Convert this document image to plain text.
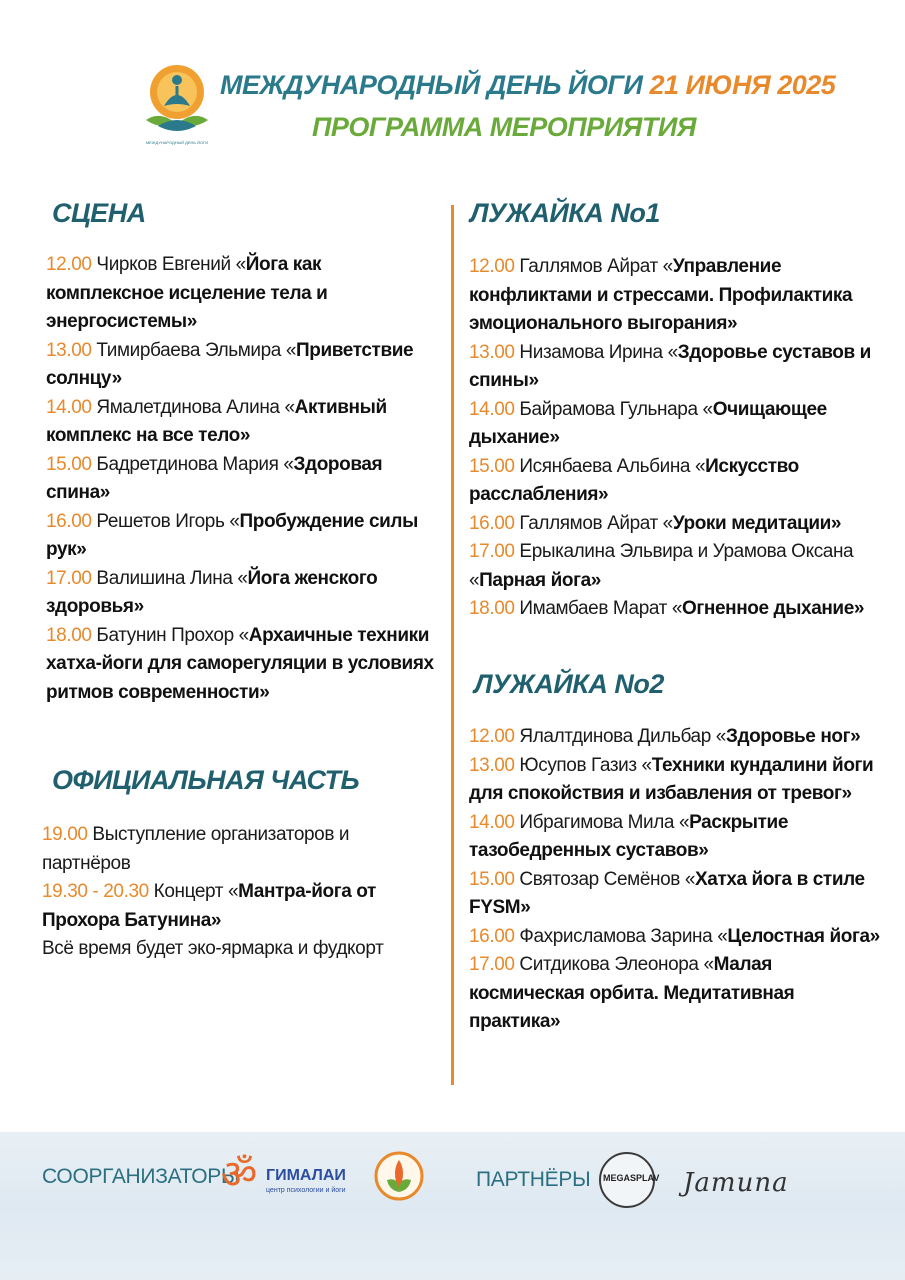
МЕЖДУНАРОДНЫЙ ДЕНЬ ЙОГИ
МЕЖДУНАРОДНЫЙ ДЕНЬ ЙОГИ 21 ИЮНЯ 2025
ПРОГРАММА МЕРОПРИЯТИЯ
СЦЕНА
12.00 Чирков Евгений «Йога как комплексное исцеление тела и энергосистемы»
13.00 Тимирбаева Эльмира «Приветствие солнцу»
14.00 Ямалетдинова Алина «Активный комплекс на все тело»
15.00 Бадретдинова Мария «Здоровая спина»
16.00 Решетов Игорь «Пробуждение силы рук»
17.00 Валишина Лина «Йога женского здоровья»
18.00 Батунин Прохор «Архаичные техники хатха-йоги для саморегуляции в условиях ритмов современности»
ОФИЦИАЛЬНАЯ ЧАСТЬ
19.00 Выступление организаторов и партнёров
19.30 - 20.30 Концерт «Мантра-йога от Прохора Батунина»
Всё время будет эко-ярмарка и фудкорт
ЛУЖАЙКА No1
12.00 Галлямов Айрат «Управление конфликтами и стрессами. Профилактика эмоционального выгорания»
13.00 Низамова Ирина «Здоровье суставов и спины»
14.00 Байрамова Гульнара «Очищающее дыхание»
15.00 Исянбаева Альбина «Искусство расслабления»
16.00 Галлямов Айрат «Уроки медитации»
17.00 Ерыкалина Эльвира и Урамова Оксана «Парная йога»
18.00 Имамбаев Марат «Огненное дыхание»
ЛУЖАЙКА No2
12.00 Ялалтдинова Дильбар «Здоровье ног»
13.00 Юсупов Газиз «Техники кундалини йоги для спокойствия и избавления от тревог»
14.00 Ибрагимова Мила «Раскрытие тазобедренных суставов»
15.00 Святозар Семёнов «Хатха йога в стиле FYSM»
16.00 Фахрисламова Зарина «Целостная йога»
17.00 Ситдикова Элеонора «Малая космическая орбита. Медитативная практика»
СООРГАНИЗАТОРЫ
ॐ ГИМАЛАИ
центр психологии и йоги	ПАРТНЁРЫ MEGASPLAV Jamuna
